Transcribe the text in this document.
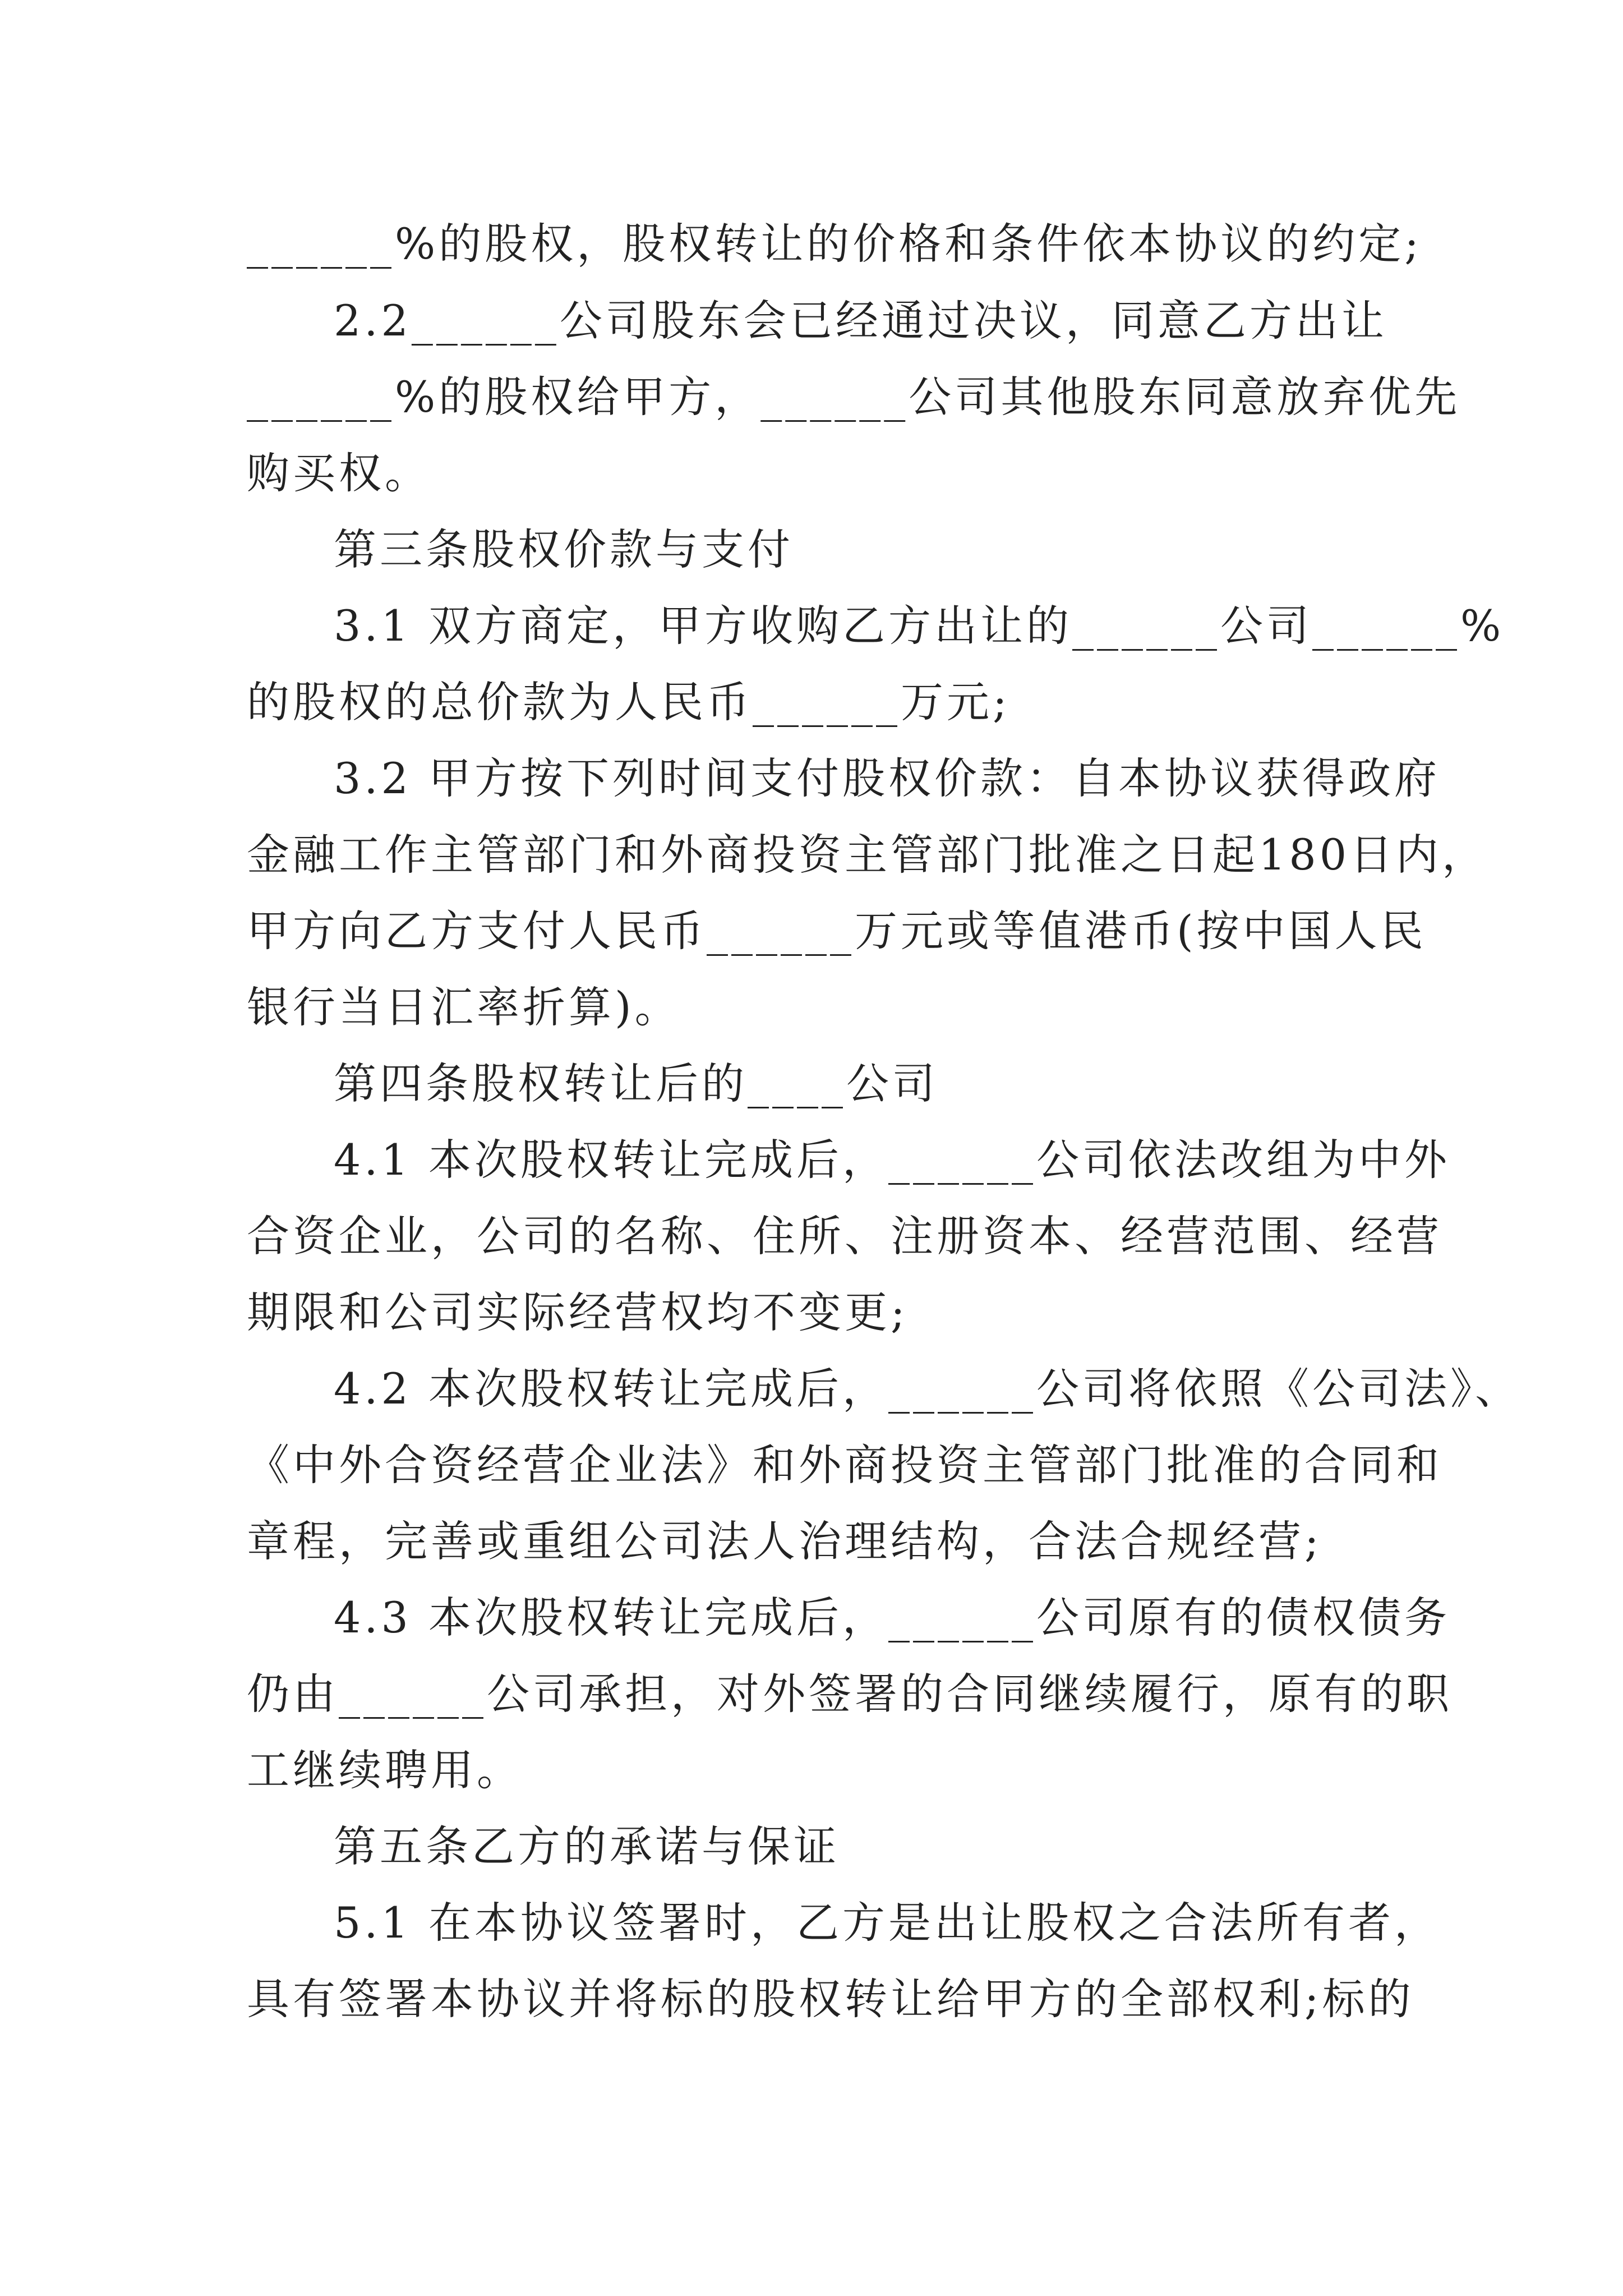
______%的股权，股权转让的价格和条件依本协议的约定;
2.2______公司股东会已经通过决议，同意乙方出让
______%的股权给甲方，______公司其他股东同意放弃优先
购买权。
第三条股权价款与支付
3.1 双方商定，甲方收购乙方出让的______公司______%
的股权的总价款为人民币______万元;
3.2 甲方按下列时间支付股权价款：自本协议获得政府
金融工作主管部门和外商投资主管部门批准之日起180日内，
甲方向乙方支付人民币______万元或等值港币(按中国人民
银行当日汇率折算)。
第四条股权转让后的____公司
4.1 本次股权转让完成后，______公司依法改组为中外
合资企业，公司的名称、住所、注册资本、经营范围、经营
期限和公司实际经营权均不变更;
4.2 本次股权转让完成后，______公司将依照《公司法》、
《中外合资经营企业法》和外商投资主管部门批准的合同和
章程，完善或重组公司法人治理结构，合法合规经营;
4.3 本次股权转让完成后，______公司原有的债权债务
仍由______公司承担，对外签署的合同继续履行，原有的职
工继续聘用。
第五条乙方的承诺与保证
5.1 在本协议签署时，乙方是出让股权之合法所有者，
具有签署本协议并将标的股权转让给甲方的全部权利;标的
